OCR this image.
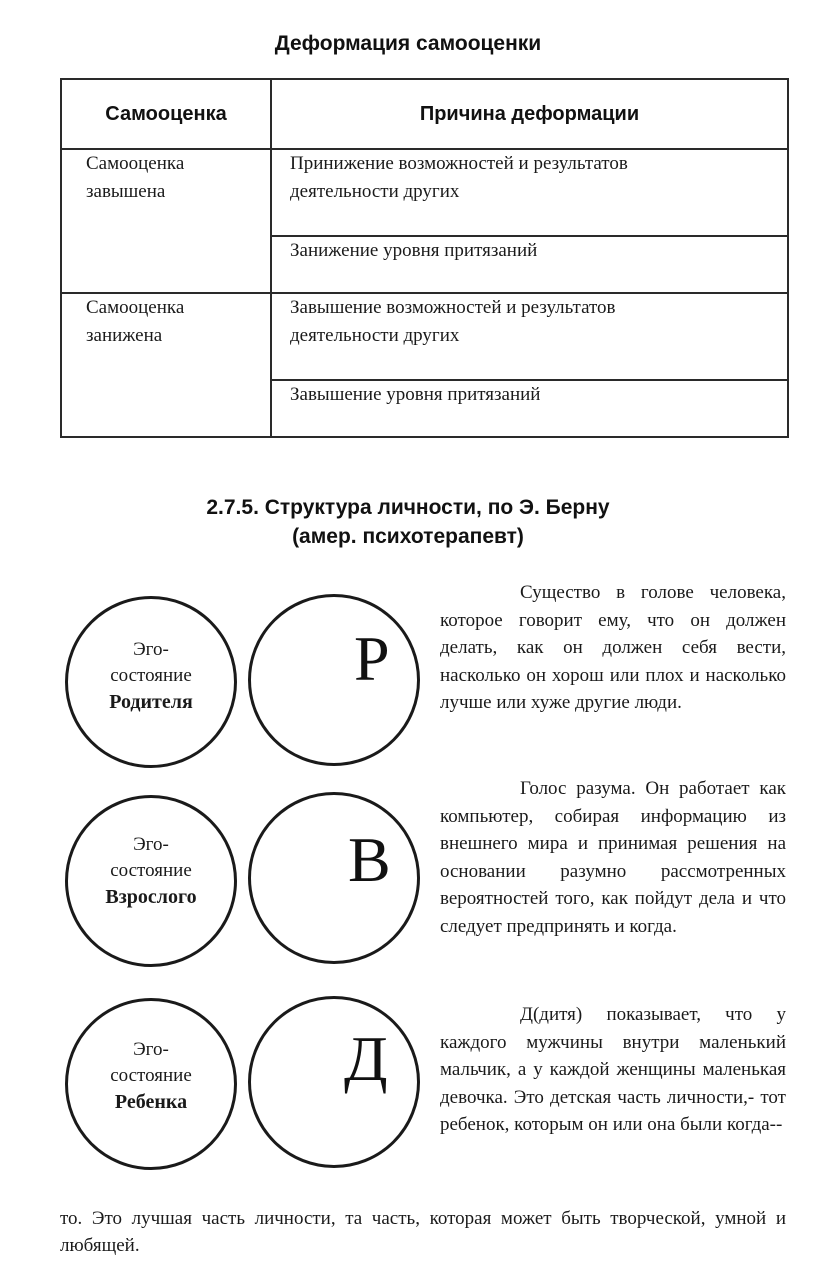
Деформация самооценки
Самооценка	Причина деформации

Самооценка завышена	Принижение возможностей и результатов деятельности других

	Занижение уровня притязаний

Самооценка занижена	Завышение возможностей и результатов деятельности других

	Завышение уровня притязаний
2.7.5. Структура личности, по Э. Берну
(амер. психотерапевт)
Эго-
состояние
Родителя
Р
Эго-
состояние
Взрослого
В
Эго-
состояние
Ребенка
Д

Существо в голове человека, которое говорит ему, что он должен делать, как он должен себя вести, насколько он хорош или плох и насколько лучше или хуже другие люди.

Голос разума. Он работает как компьютер, собирая информацию из внешнего мира и принимая решения на основании разумно рассмотренных вероятностей того, как пойдут дела и что следует предпринять и когда.

Д(дитя) показывает, что у каждого мужчины внутри маленький мальчик, а у каждой женщины маленькая девочка. Это детская часть личности,- тот ребенок, которым он или она были когда--

то. Это лучшая часть личности, та часть, которая может быть творческой, умной и любящей.
